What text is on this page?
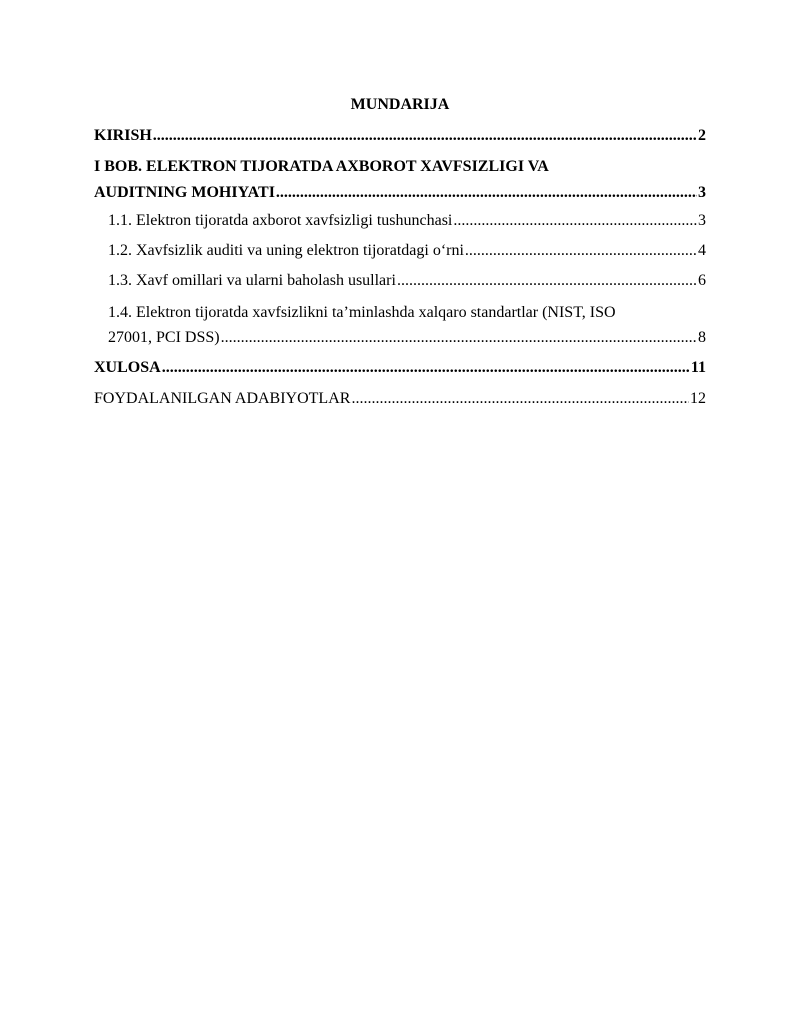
MUNDARIJA
KIRISH .....	2
I BOB. ELEKTRON TIJORATDA AXBOROT XAVFSIZLIGI VA
AUDITNING MOHIYATI .....	3
1.1. Elektron tijoratda axborot xavfsizligi tushunchasi .....	3
1.2. Xavfsizlik auditi va uning elektron tijoratdagi o‘rni .....	4
1.3. Xavf omillari va ularni baholash usullari .....	6
1.4. Elektron tijoratda xavfsizlikni ta’minlashda xalqaro standartlar (NIST, ISO
27001, PCI DSS) .....	8
XULOSA .....	11
FOYDALANILGAN ADABIYOTLAR .....	12
